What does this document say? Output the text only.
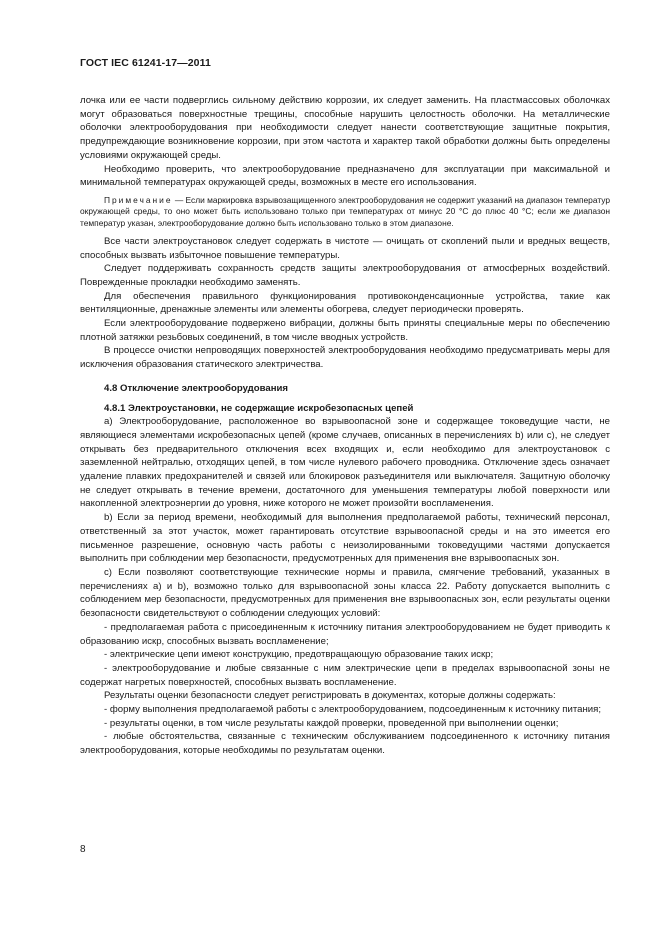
ГОСТ IEC 61241-17—2011

лочка или ее части подверглись сильному действию коррозии, их следует заменить. На пластмассовых оболочках могут образоваться поверхностные трещины, способные нарушить целостность оболочки. На металлические оболочки электрооборудования при необходимости следует нанести соответствующие защитные покрытия, предупреждающие возникновение коррозии, при этом частота и характер такой обработки должны быть определены условиями окружающей среды.

Необходимо проверить, что электрооборудование предназначено для эксплуатации при максимальной и минимальной температурах окружающей среды, возможных в месте его использования.

Примечание — Если маркировка взрывозащищенного электрооборудования не содержит указаний на диапазон температур окружающей среды, то оно может быть использовано только при температурах от минус 20 °С до плюс 40 °С; если же диапазон температур указан, электрооборудование должно быть использовано только в этом диапазоне.

Все части электроустановок следует содержать в чистоте — очищать от скоплений пыли и вредных веществ, способных вызвать избыточное повышение температуры.

Следует поддерживать сохранность средств защиты электрооборудования от атмосферных воздействий. Поврежденные прокладки необходимо заменять.

Для обеспечения правильного функционирования противоконденсационные устройства, такие как вентиляционные, дренажные элементы или элементы обогрева, следует периодически проверять.

Если электрооборудование подвержено вибрации, должны быть приняты специальные меры по обеспечению плотной затяжки резьбовых соединений, в том числе вводных устройств.

В процессе очистки непроводящих поверхностей электрооборудования необходимо предусматривать меры для исключения образования статического электричества.

4.8 Отключение электрооборудования

4.8.1 Электроустановки, не содержащие искробезопасных цепей

а) Электрооборудование, расположенное во взрывоопасной зоне и содержащее токоведущие части, не являющиеся элементами искробезопасных цепей (кроме случаев, описанных в перечислениях b) или с), не следует открывать без предварительного отключения всех входящих и, если необходимо для электроустановок с заземленной нейтралью, отходящих цепей, в том числе нулевого рабочего проводника. Отключение здесь означает удаление плавких предохранителей и связей или блокировок разъединителя или выключателя. Защитную оболочку не следует открывать в течение времени, достаточного для уменьшения температуры любой поверхности или накопленной электроэнергии до уровня, ниже которого не может произойти воспламенения.

b) Если за период времени, необходимый для выполнения предполагаемой работы, технический персонал, ответственный за этот участок, может гарантировать отсутствие взрывоопасной среды и на это имеется его письменное разрешение, основную часть работы с неизолированными токоведущими частями допускается выполнить при соблюдении мер безопасности, предусмотренных для применения вне взрывоопасных зон.

с) Если позволяют соответствующие технические нормы и правила, смягчение требований, указанных в перечислениях а) и b), возможно только для взрывоопасной зоны класса 22. Работу допускается выполнить с соблюдением мер безопасности, предусмотренных для применения вне взрывоопасных зон, если результаты оценки безопасности свидетельствуют о соблюдении следующих условий:

- предполагаемая работа с присоединенным к источнику питания электрооборудованием не будет приводить к образованию искр, способных вызвать воспламенение;

- электрические цепи имеют конструкцию, предотвращающую образование таких искр;

- электрооборудование и любые связанные с ним электрические цепи в пределах взрывоопасной зоны не содержат нагретых поверхностей, способных вызвать воспламенение.

Результаты оценки безопасности следует регистрировать в документах, которые должны содержать:

- форму выполнения предполагаемой работы с электрооборудованием, подсоединенным к источнику питания;

- результаты оценки, в том числе результаты каждой проверки, проведенной при выполнении оценки;

- любые обстоятельства, связанные с техническим обслуживанием подсоединенного к источнику питания электрооборудования, которые необходимы по результатам оценки.

8
